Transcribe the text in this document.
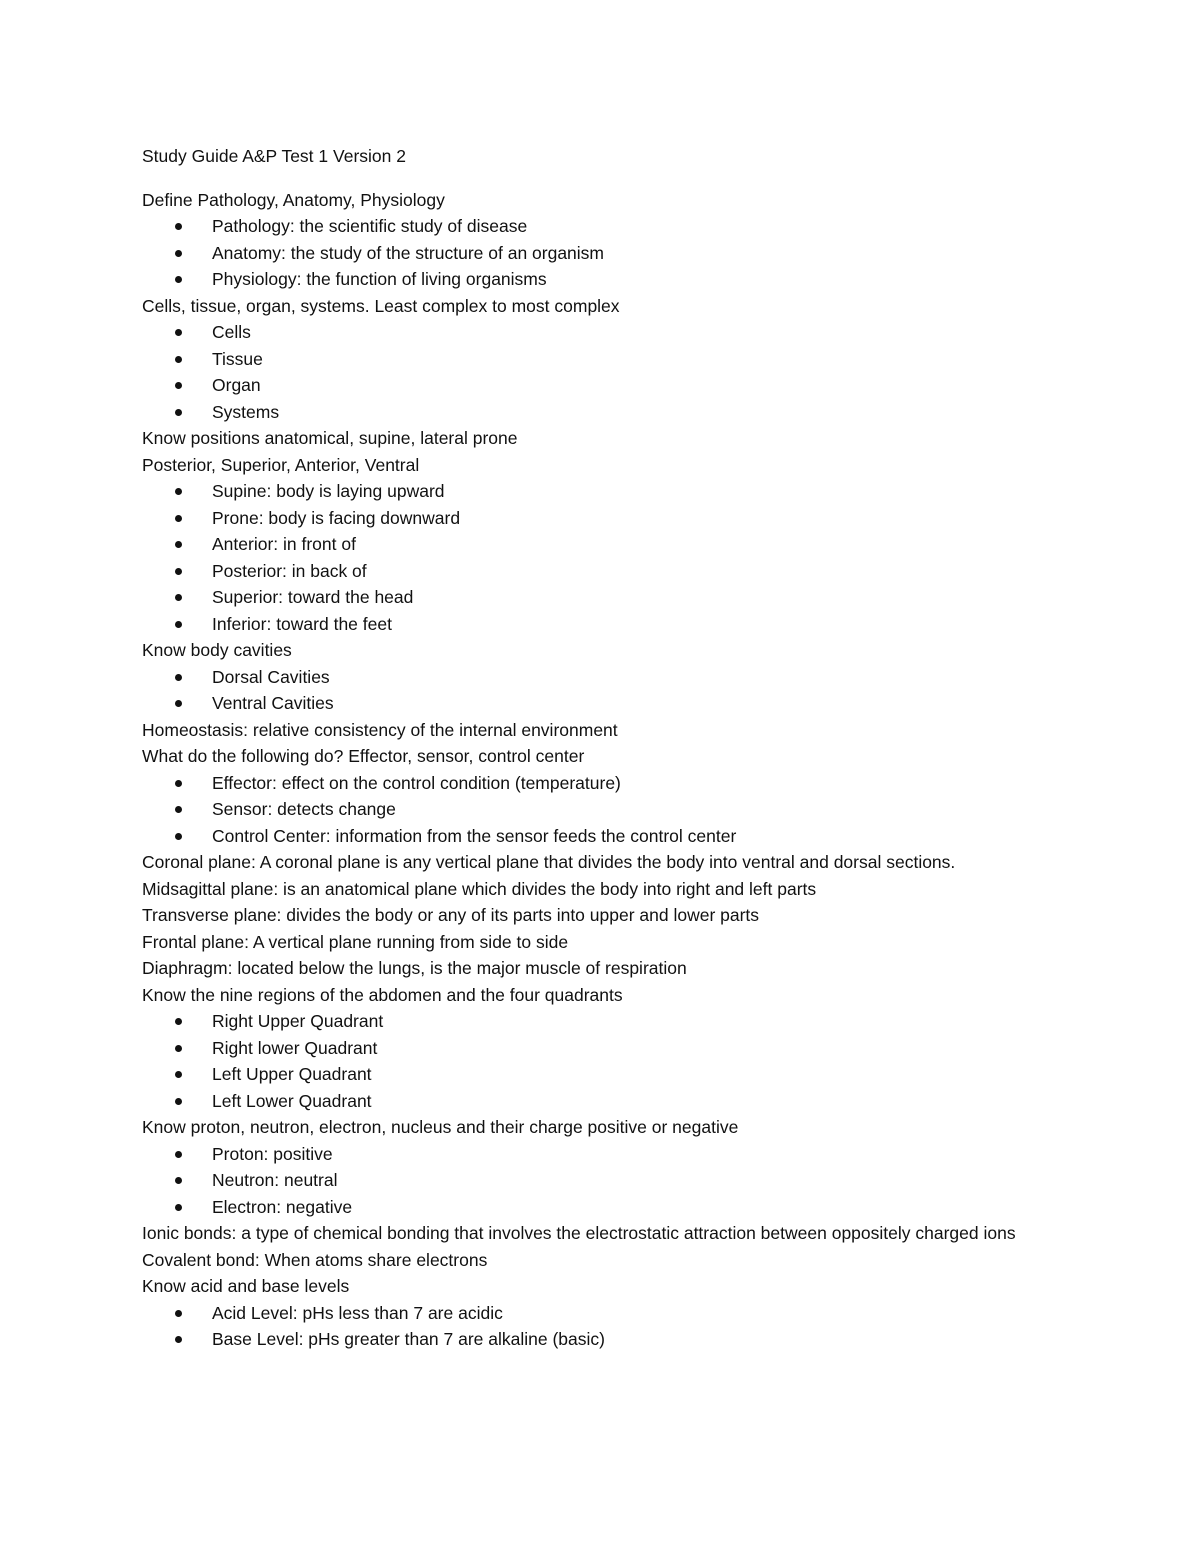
Study Guide A&P Test 1 Version 2

Define Pathology, Anatomy, Physiology

Pathology: the scientific study of disease
Anatomy: the study of the structure of an organism
Physiology: the function of living organisms

Cells, tissue, organ, systems. Least complex to most complex

Cells
Tissue
Organ
Systems

Know positions anatomical, supine, lateral prone

Posterior, Superior, Anterior, Ventral

Supine: body is laying upward
Prone: body is facing downward
Anterior: in front of
Posterior: in back of
Superior: toward the head
Inferior: toward the feet

Know body cavities

Dorsal Cavities
Ventral Cavities

Homeostasis: relative consistency of the internal environment

What do the following do? Effector, sensor, control center

Effector: effect on the control condition (temperature)
Sensor: detects change
Control Center: information from the sensor feeds the control center

Coronal plane: A coronal plane is any vertical plane that divides the body into ventral and dorsal sections.

Midsagittal plane: is an anatomical plane which divides the body into right and left parts

Transverse plane: divides the body or any of its parts into upper and lower parts

Frontal plane: A vertical plane running from side to side

Diaphragm: located below the lungs, is the major muscle of respiration

Know the nine regions of the abdomen and the four quadrants

Right Upper Quadrant
Right lower Quadrant
Left Upper Quadrant
Left Lower Quadrant

Know proton, neutron, electron, nucleus and their charge positive or negative

Proton: positive
Neutron: neutral
Electron: negative

Ionic bonds: a type of chemical bonding that involves the electrostatic attraction between oppositely charged ions

Covalent bond: When atoms share electrons

Know acid and base levels

Acid Level: pHs less than 7 are acidic
Base Level: pHs greater than 7 are alkaline (basic)
